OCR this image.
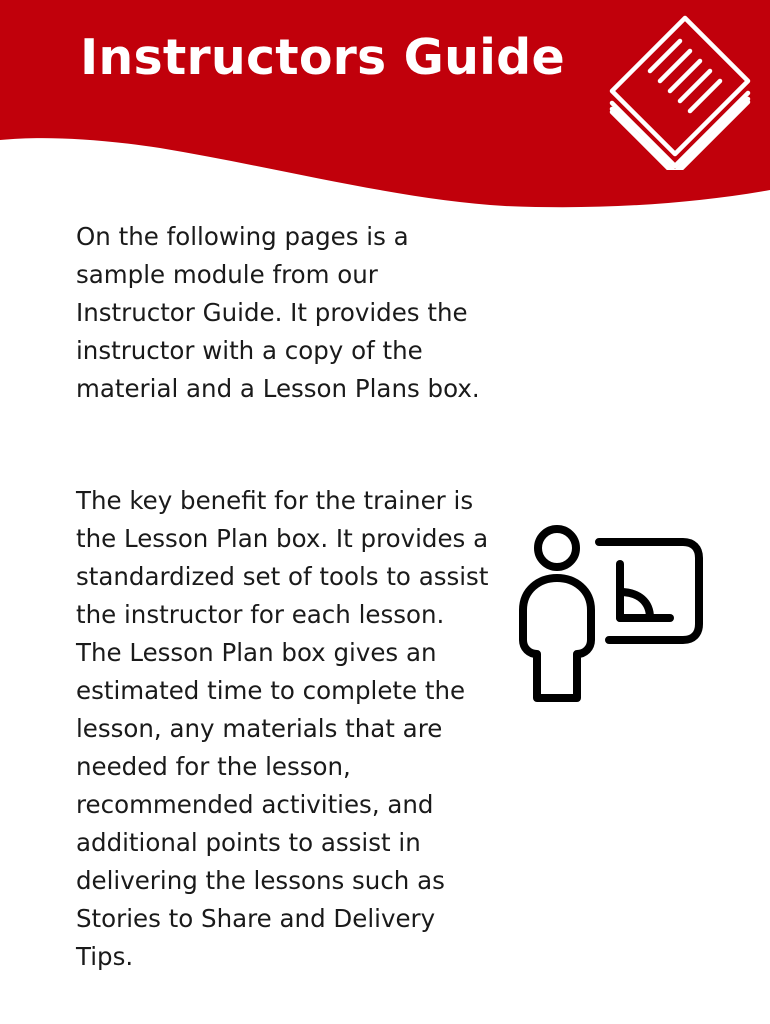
Instructors Guide

On the following pages is a sample module from our Instructor Guide. It provides the instructor with a copy of the material and a Lesson Plans box.

The key benefit for the trainer is the Lesson Plan box. It provides a standardized set of tools to assist the instructor for each lesson. The Lesson Plan box gives an estimated time to complete the lesson, any materials that are needed for the lesson, recommended activities, and additional points to assist in delivering the lessons such as Stories to Share and Delivery Tips.
